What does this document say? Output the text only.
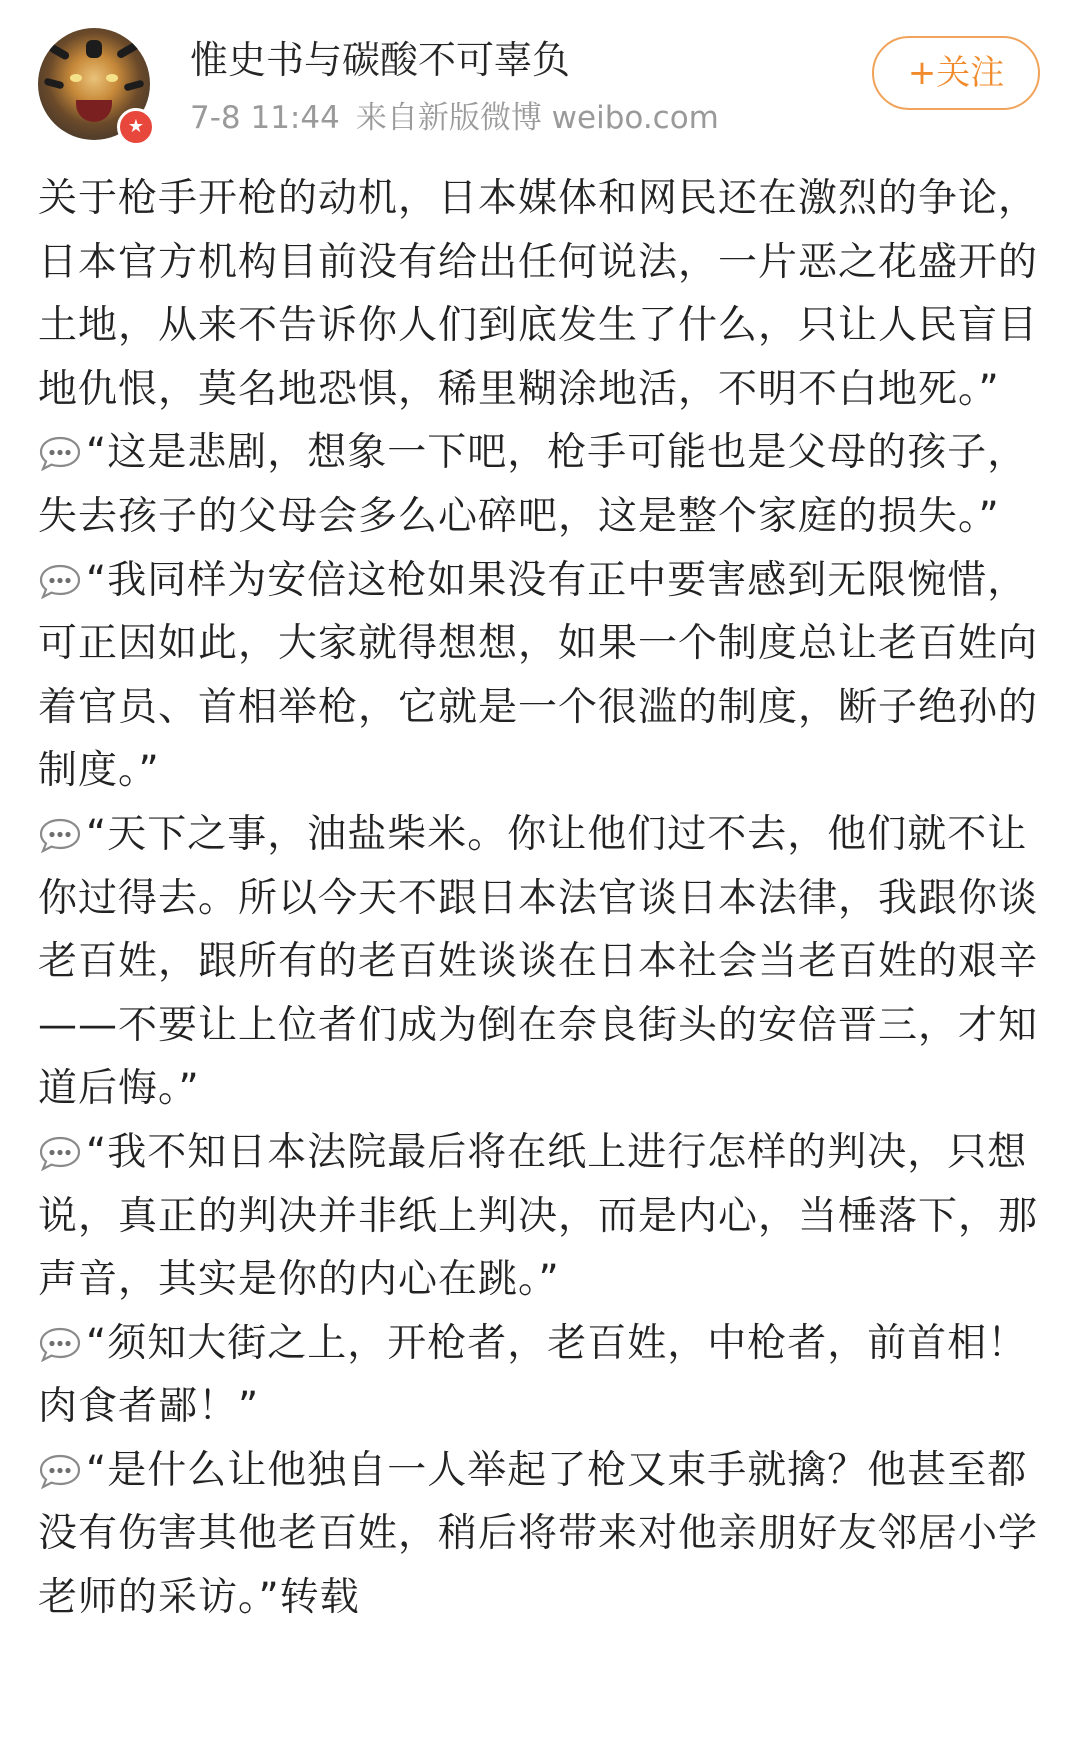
★
惟史书与碳酸不可辜负
7-8 11:44 来自新版微博 weibo.com
+关注
关于枪手开枪的动机，日本媒体和网民还在激烈的争论，日本官方机构目前没有给出任何说法，一片恶之花盛开的土地，从来不告诉你人们到底发生了什么，只让人民盲目地仇恨，莫名地恐惧，稀里糊涂地活，不明不白地死。”
“这是悲剧，想象一下吧，枪手可能也是父母的孩子，失去孩子的父母会多么心碎吧，这是整个家庭的损失。”
“我同样为安倍这枪如果没有正中要害感到无限惋惜，可正因如此，大家就得想想，如果一个制度总让老百姓向着官员、首相举枪，它就是一个很滥的制度，断子绝孙的制度。”
“天下之事，油盐柴米。你让他们过不去，他们就不让你过得去。所以今天不跟日本法官谈日本法律，我跟你谈老百姓，跟所有的老百姓谈谈在日本社会当老百姓的艰辛——不要让上位者们成为倒在奈良街头的安倍晋三，才知道后悔。”
“我不知日本法院最后将在纸上进行怎样的判决，只想说，真正的判决并非纸上判决，而是内心，当棰落下，那声音，其实是你的内心在跳。”
“须知大街之上，开枪者，老百姓，中枪者，前首相！肉食者鄙！”
“是什么让他独自一人举起了枪又束手就擒？他甚至都没有伤害其他老百姓，稍后将带来对他亲朋好友邻居小学老师的采访。”转载
